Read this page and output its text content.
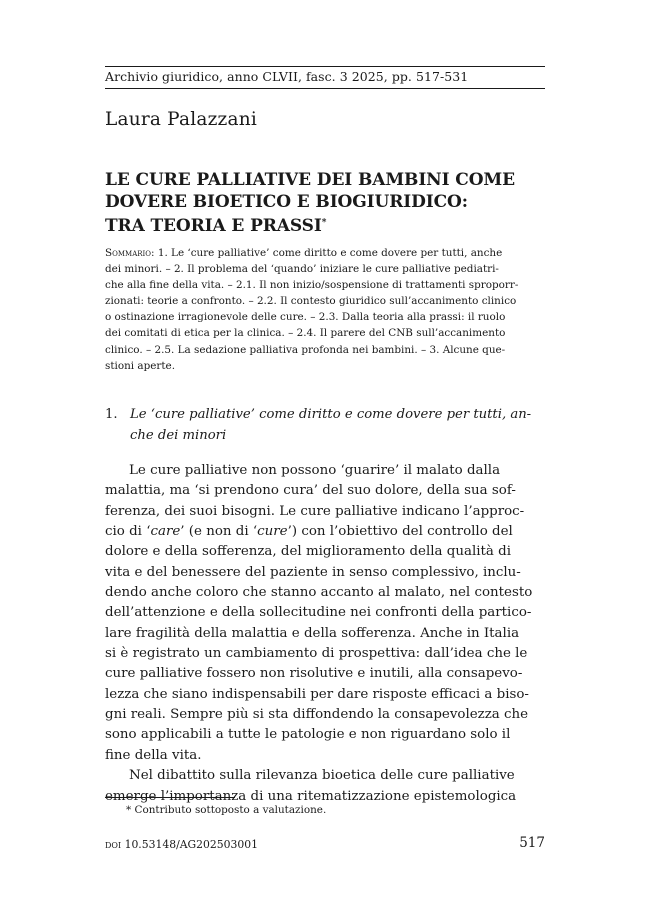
Archivio giuridico, anno CLVII, fasc. 3 2025, pp. 517-531
Laura Palazzani
LE CURE PALLIATIVE DEI BAMBINI COME
DOVERE BIOETICO E BIOGIURIDICO:
TRA TEORIA E PRASSI*
Sommario: 1. Le ‘cure palliative’ come diritto e come dovere per tutti, anche
dei minori. – 2. Il problema del ‘quando’ iniziare le cure palliative pediatri-
che alla fine della vita. – 2.1. Il non inizio/sospensione di trattamenti sproporr-
zionati: teorie a confronto. – 2.2. Il contesto giuridico sull’accanimento clinico
o ostinazione irragionevole delle cure. – 2.3. Dalla teoria alla prassi: il ruolo
dei comitati di etica per la clinica. – 2.4. Il parere del CNB sull’accanimento
clinico. – 2.5. La sedazione palliativa profonda nei bambini. – 3. Alcune que-
stioni aperte.
1. Le ‘cure palliative’ come diritto e come dovere per tutti, an-
che dei minori
Le cure palliative non possono ‘guarire’ il malato dalla
malattia, ma ‘si prendono cura’ del suo dolore, della sua sof-
ferenza, dei suoi bisogni. Le cure palliative indicano l’approc-
cio di ‘care’ (e non di ‘cure’) con l’obiettivo del controllo del
dolore e della sofferenza, del miglioramento della qualità di
vita e del benessere del paziente in senso complessivo, inclu-
dendo anche coloro che stanno accanto al malato, nel contesto
dell’attenzione e della sollecitudine nei confronti della partico-
lare fragilità della malattia e della sofferenza. Anche in Italia
si è registrato un cambiamento di prospettiva: dall’idea che le
cure palliative fossero non risolutive e inutili, alla consapevo-
lezza che siano indispensabili per dare risposte efficaci a biso-
gni reali. Sempre più si sta diffondendo la consapevolezza che
sono applicabili a tutte le patologie e non riguardano solo il
fine della vita.
Nel dibattito sulla rilevanza bioetica delle cure palliative
emerge l’importanza di una ritematizzazione epistemologica
* Contributo sottoposto a valutazione.
doi 10.53148/AG202503001	517
